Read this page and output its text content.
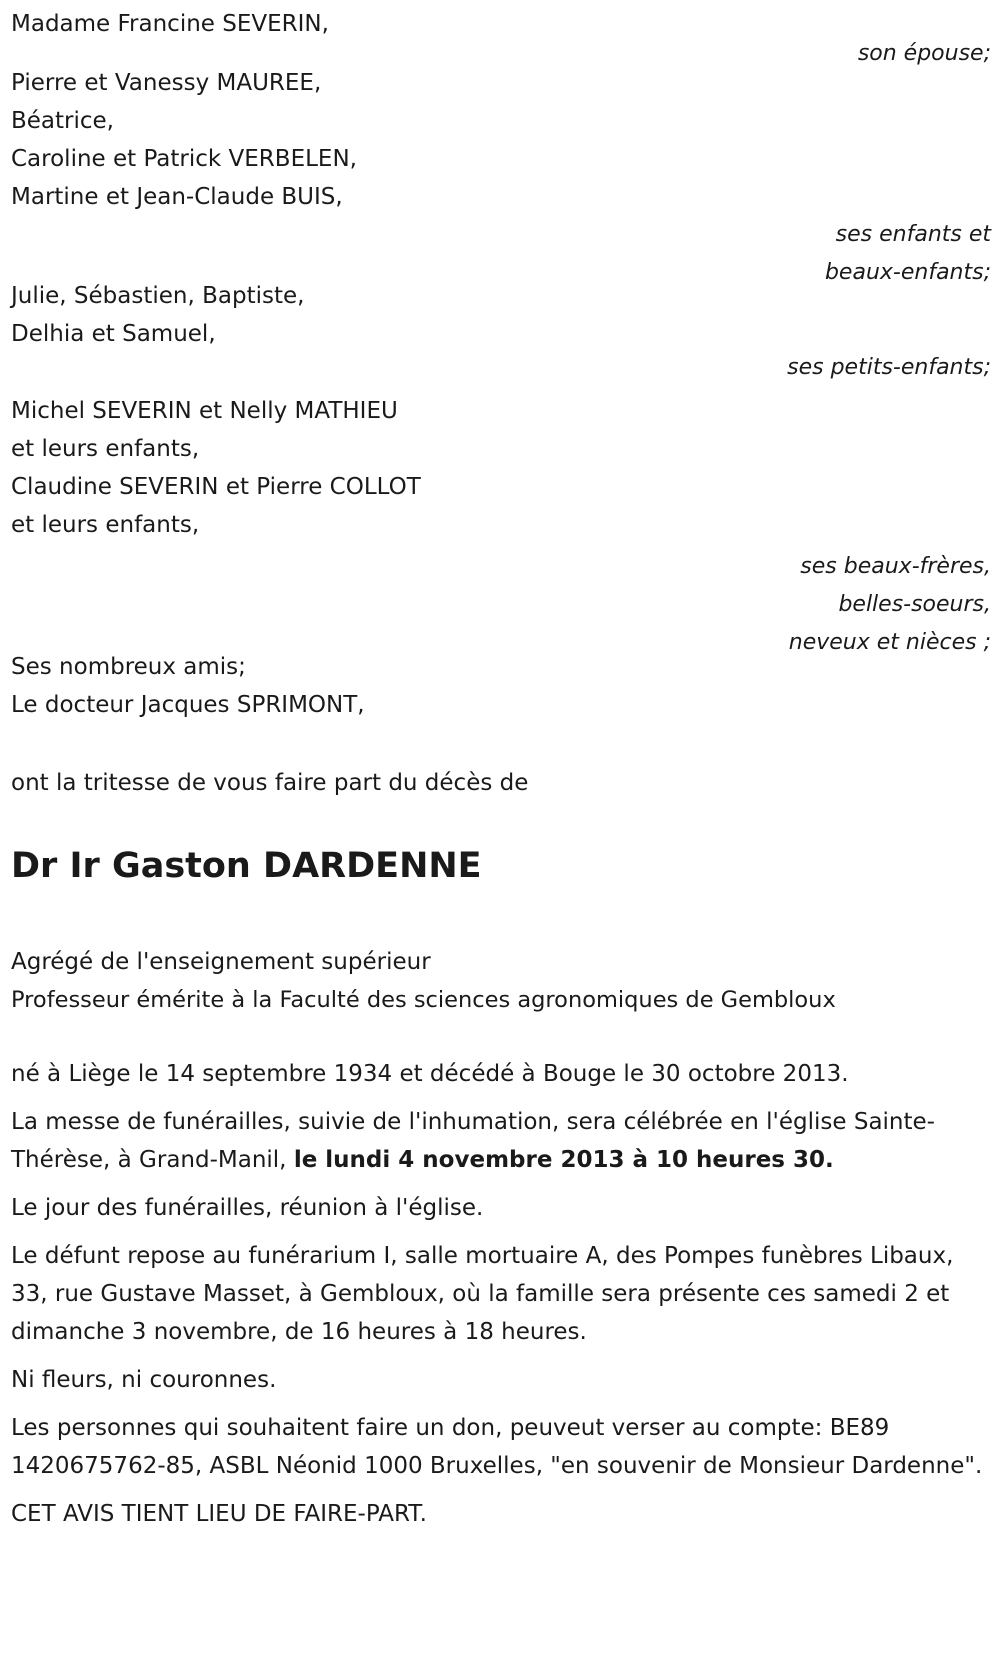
Madame Francine SEVERIN,
son épouse;
Pierre et Vanessy MAUREE,
Béatrice,
Caroline et Patrick VERBELEN,
Martine et Jean-Claude BUIS,
ses enfants et
beaux-enfants;
Julie, Sébastien, Baptiste,
Delhia et Samuel,
ses petits-enfants;
Michel SEVERIN et Nelly MATHIEU
et leurs enfants,
Claudine SEVERIN et Pierre COLLOT
et leurs enfants,
ses beaux-frères,
belles-soeurs,
neveux et nièces ;
Ses nombreux amis;
Le docteur Jacques SPRIMONT,
ont la tritesse de vous faire part du décès de
Dr Ir Gaston DARDENNE
Agrégé de l'enseignement supérieur
Professeur émérite à la Faculté des sciences agronomiques de Gembloux
né à Liège le 14 septembre 1934 et décédé à Bouge le 30 octobre 2013.
La messe de funérailles, suivie de l'inhumation, sera célébrée en l'église Sainte-Thérèse, à Grand-Manil, le lundi 4 novembre 2013 à 10 heures 30.
Le jour des funérailles, réunion à l'église.
Le défunt repose au funérarium I, salle mortuaire A, des Pompes funèbres Libaux, 33, rue Gustave Masset, à Gembloux, où la famille sera présente ces samedi 2 et dimanche 3 novembre, de 16 heures à 18 heures.
Ni fleurs, ni couronnes.
Les personnes qui souhaitent faire un don, peuveut verser au compte: BE89 1420675762-85, ASBL Néonid 1000 Bruxelles, "en souvenir de Monsieur Dardenne".
CET AVIS TIENT LIEU DE FAIRE-PART.
